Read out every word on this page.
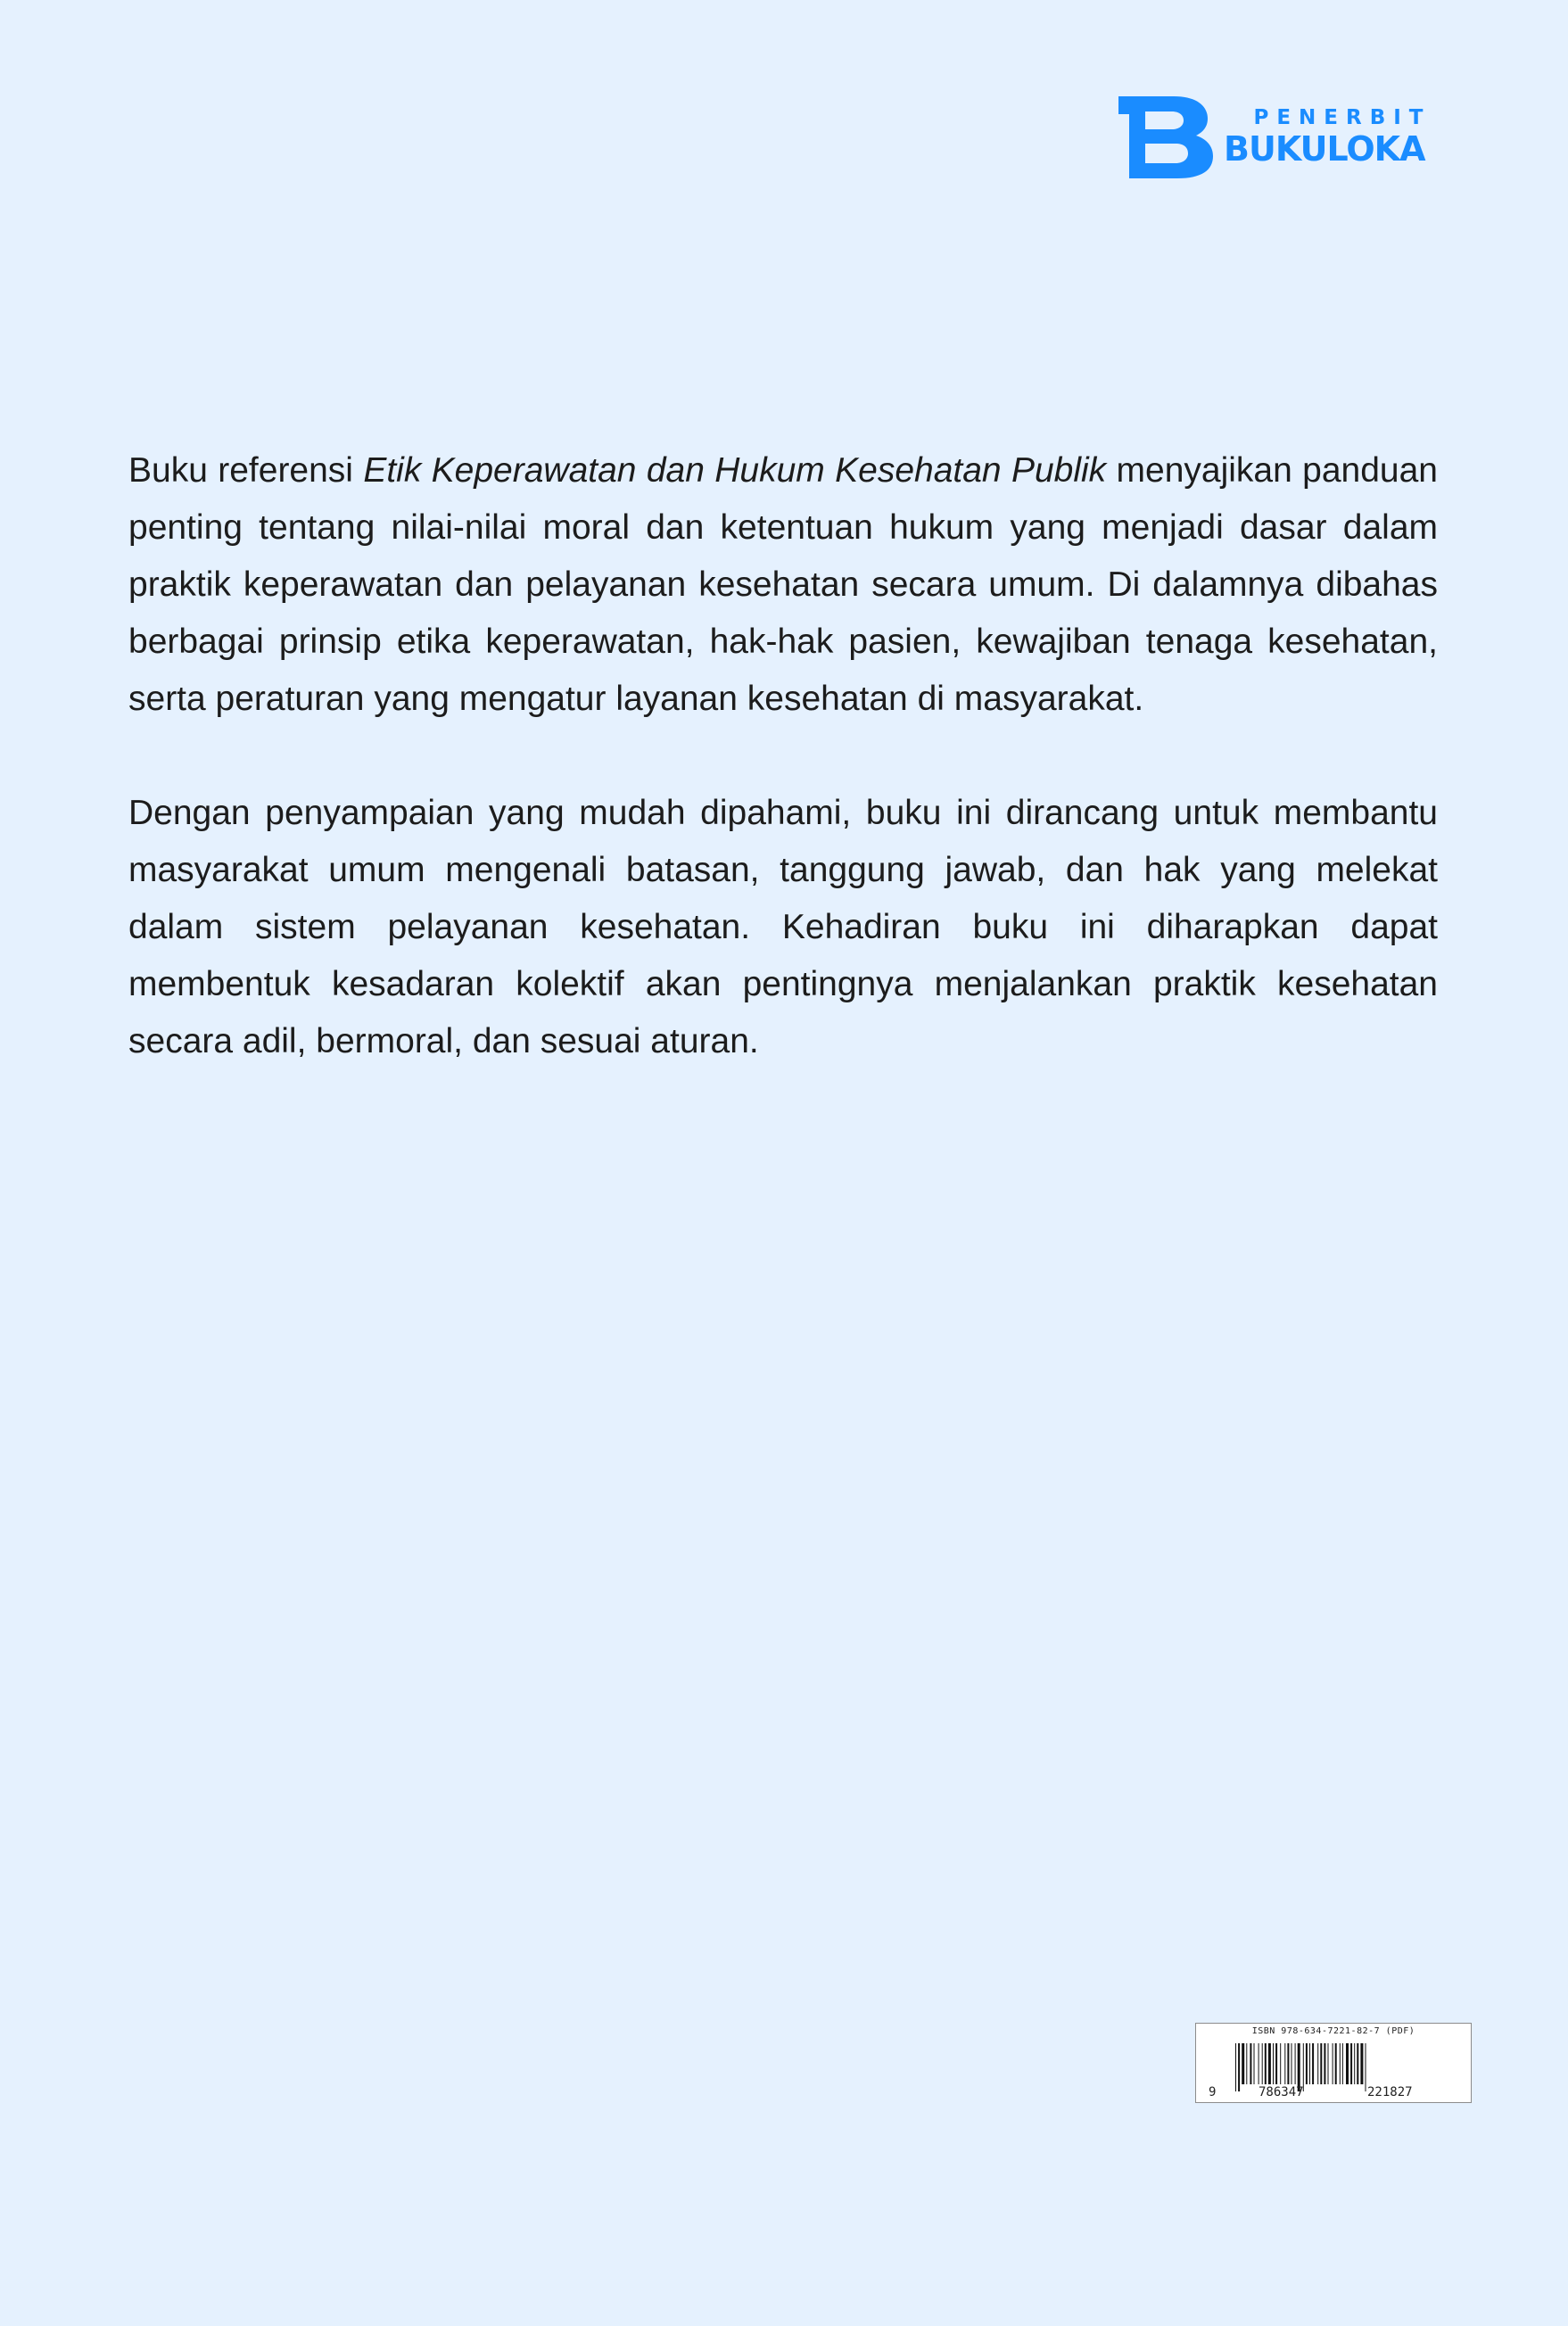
PENERBIT
BUKULOKA

Buku referensi Etik Keperawatan dan Hukum Kesehatan Publik menyajikan panduan penting tentang nilai-nilai moral dan ketentuan hukum yang menjadi dasar dalam praktik keperawatan dan pelayanan kesehatan secara umum. Di dalamnya dibahas berbagai prinsip etika keperawatan, hak-hak pasien, kewajiban tenaga kesehatan, serta peraturan yang mengatur layanan kesehatan di masyarakat.

Dengan penyampaian yang mudah dipahami, buku ini dirancang untuk membantu masyarakat umum mengenali batasan, tanggung jawab, dan hak yang melekat dalam sistem pelayanan kesehatan. Kehadiran buku ini diharapkan dapat membentuk kesadaran kolektif akan pentingnya menjalankan praktik kesehatan secara adil, bermoral, dan sesuai aturan.

ISBN 978-634-7221-82-7 (PDF)
9	786347	221827
